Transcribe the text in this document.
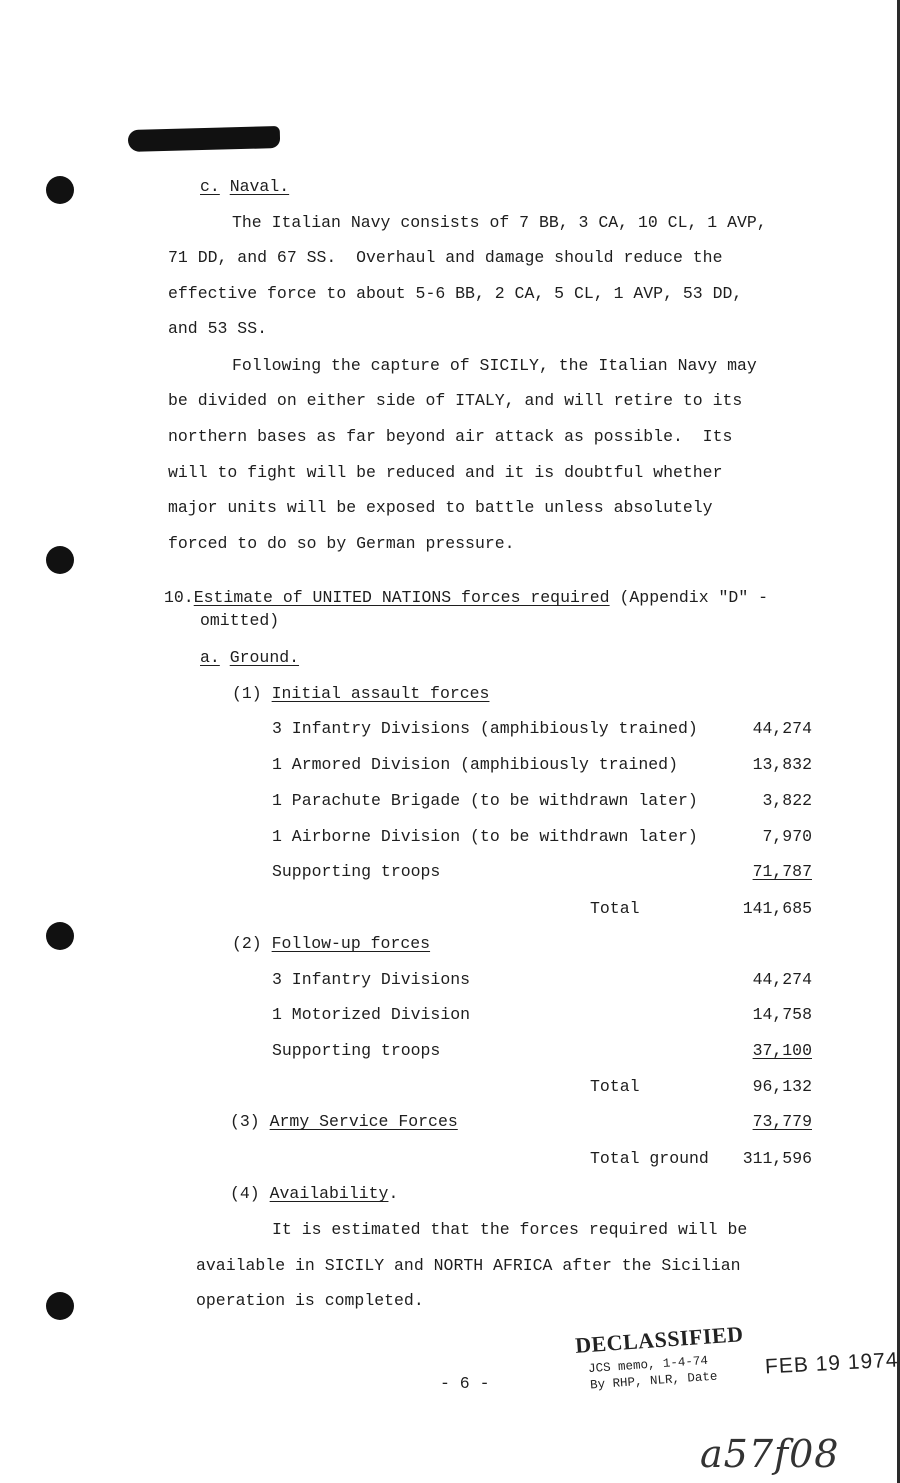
c. Naval.
The Italian Navy consists of 7 BB, 3 CA, 10 CL, 1 AVP,
71 DD, and 67 SS.  Overhaul and damage should reduce the
effective force to about 5-6 BB, 2 CA, 5 CL, 1 AVP, 53 DD,
and 53 SS.
Following the capture of SICILY, the Italian Navy may
be divided on either side of ITALY, and will retire to its
northern bases as far beyond air attack as possible.  Its
will to fight will be reduced and it is doubtful whether
major units will be exposed to battle unless absolutely
forced to do so by German pressure.
10.Estimate of UNITED NATIONS forces required (Appendix "D" -
omitted)
a. Ground.
(1) Initial assault forces
3 Infantry Divisions (amphibiously trained)	44,274
1 Armored Division (amphibiously trained)	13,832
1 Parachute Brigade (to be withdrawn later)	3,822
1 Airborne Division (to be withdrawn later)	7,970
Supporting troops	71,787
Total	141,685
(2) Follow-up forces
3 Infantry Divisions	44,274
1 Motorized Division	14,758
Supporting troops	37,100
Total	96,132
(3) Army Service Forces	73,779
Total ground	311,596
(4) Availability.
It is estimated that the forces required will be
available in SICILY and NORTH AFRICA after the Sicilian
operation is completed.
- 6 -
DECLASSIFIED
JCS memo, 1-4-74
By RHP, NLR, Date
FEB 19 1974
a57f08
